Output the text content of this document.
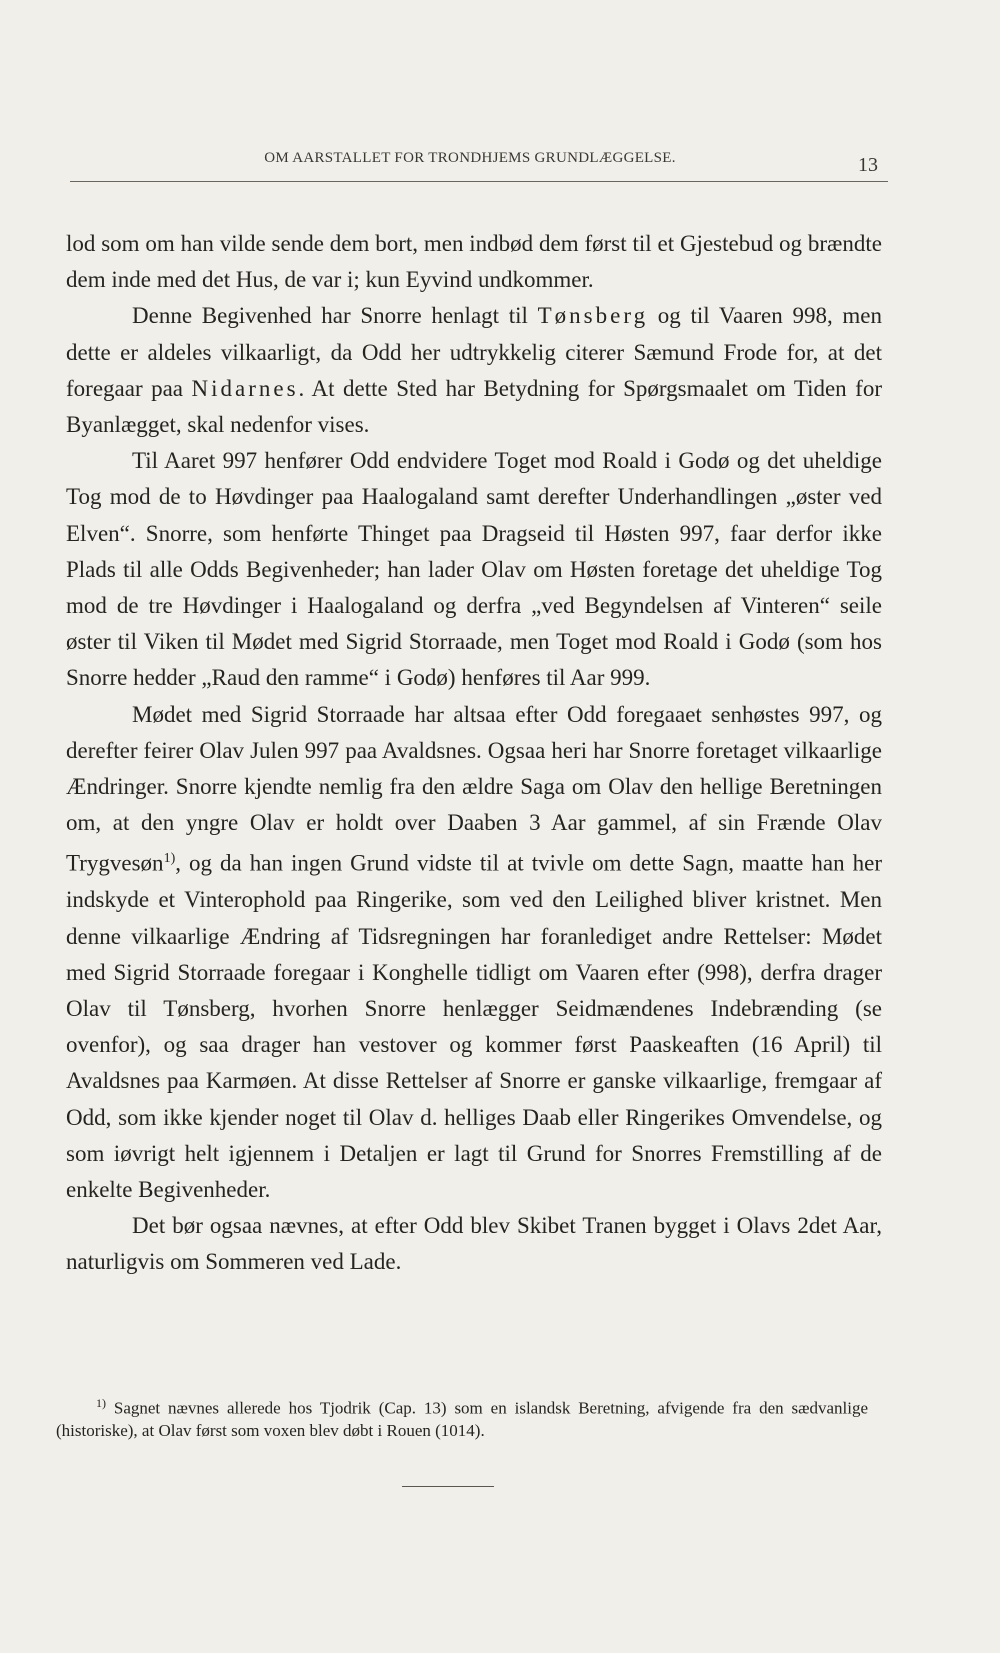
OM AARSTALLET FOR TRONDHJEMS GRUNDLÆGGELSE.	13

lod som om han vilde sende dem bort, men indbød dem først til et Gjestebud og brændte dem inde med det Hus, de var i; kun Eyvind undkommer.

Denne Begivenhed har Snorre henlagt til Tønsberg og til Vaaren 998, men dette er aldeles vilkaarligt, da Odd her udtrykkelig citerer Sæmund Frode for, at det foregaar paa Nidarnes. At dette Sted har Betydning for Spørgsmaalet om Tiden for Byanlægget, skal nedenfor vises.

Til Aaret 997 henfører Odd endvidere Toget mod Roald i Godø og det uheldige Tog mod de to Høvdinger paa Haalogaland samt derefter Underhandlingen „øster ved Elven“. Snorre, som henførte Thinget paa Dragseid til Høsten 997, faar derfor ikke Plads til alle Odds Begivenheder; han lader Olav om Høsten foretage det uheldige Tog mod de tre Høvdinger i Haalogaland og derfra „ved Begyndelsen af Vinteren“ seile øster til Viken til Mødet med Sigrid Storraade, men Toget mod Roald i Godø (som hos Snorre hedder „Raud den ramme“ i Godø) henføres til Aar 999.

Mødet med Sigrid Storraade har altsaa efter Odd foregaaet senhøstes 997, og derefter feirer Olav Julen 997 paa Avaldsnes. Ogsaa heri har Snorre foretaget vilkaarlige Ændringer. Snorre kjendte nemlig fra den ældre Saga om Olav den hellige Beretningen om, at den yngre Olav er holdt over Daaben 3 Aar gammel, af sin Frænde Olav Trygvesøn$^{1)}$, og da han ingen Grund vidste til at tvivle om dette Sagn, maatte han her indskyde et Vinterophold paa Ringerike, som ved den Leilighed bliver kristnet. Men denne vilkaarlige Ændring af Tidsregningen har foranlediget andre Rettelser: Mødet med Sigrid Storraade foregaar i Konghelle tidligt om Vaaren efter (998), derfra drager Olav til Tønsberg, hvorhen Snorre henlægger Seidmændenes Indebrænding (se ovenfor), og saa drager han vestover og kommer først Paaskeaften (16 April) til Avaldsnes paa Karmøen. At disse Rettelser af Snorre er ganske vilkaarlige, fremgaar af Odd, som ikke kjender noget til Olav d. helliges Daab eller Ringerikes Omvendelse, og som iøvrigt helt igjennem i Detaljen er lagt til Grund for Snorres Fremstilling af de enkelte Begivenheder.

Det bør ogsaa nævnes, at efter Odd blev Skibet Tranen bygget i Olavs 2det Aar, naturligvis om Sommeren ved Lade.

$^{1)}$ Sagnet nævnes allerede hos Tjodrik (Cap. 13) som en islandsk Beretning, afvigende fra den sædvanlige (historiske), at Olav først som voxen blev døbt i Rouen (1014).
